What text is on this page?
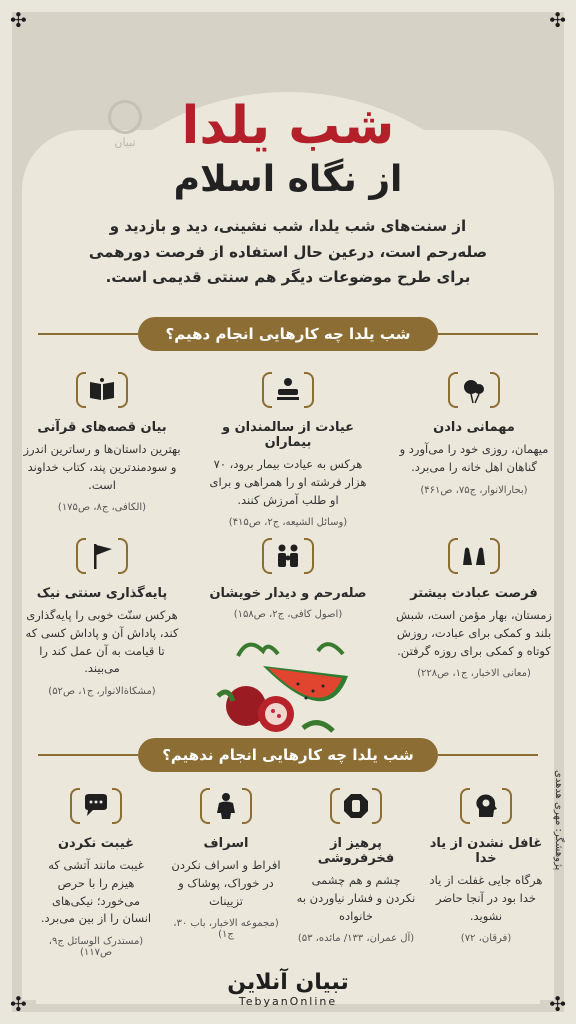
✣	✣
✣	✣
تبیان شب یلدا
از نگاه اسلام

از سنت‌های شب یلدا، شب نشینی، دید و بازدید و صله‌رحم است، درعین حال استفاده از فرصت دورهمی برای طرح موضوعات دیگر هم سنتی قدیمی است.

شب یلدا چه کارهایی انجام دهیم؟
مهمانی دادن
میهمان، روزی خود را می‌آورد و گناهان اهل خانه را می‌برد.
(بحارالانوار، ج۷۵، ص۴۶۱)
عیادت از سالمندان و بیماران
هرکس به عیادت بیمار برود، ۷۰ هزار فرشته او را همراهی و برای او طلب آمرزش کنند.
(وسائل الشیعه، ج۲، ص۴۱۵)
بیان قصه‌های قرآنی
بهترین داستان‌ها و رساترین اندرز و سودمندترین پند، کتاب خداوند است.
(الکافی، ج۸، ص۱۷۵)
فرصت عبادت بیشتر
زمستان، بهار مؤمن است، شبش بلند و کمکی برای عبادت، روزش کوتاه و کمکی برای روزه گرفتن.
(معانی الاخبار، ج۱، ص۲۲۸)
صله‌رحم و دیدار خویشان
(اصول کافی، ج۲، ص۱۵۸)
پایه‌گذاری سنتی نیک
هرکس سنّت خوبی را پایه‌گذاری کند، پاداش آن و پاداش کسی که تا قیامت به آن عمل کند را می‌بیند.
(مشکاة‌الانوار، ج۱، ص۵۲)
شب یلدا چه کارهایی انجام ندهیم؟
غافل نشدن از یاد خدا
هرگاه جایی غفلت از یاد خدا بود در آنجا حاضر نشوید.
(فرقان، ۷۲)
پرهیز از فخرفروشی
چشم و هم چشمی نکردن و فشار نیاوردن به خانواده
(آل عمران، ۱۳۳/ مائده، ۵۳)
اسراف
افراط و اسراف نکردن در خوراک، پوشاک و تزیینات
(مجموعه الاخبار، باب ۳۰، ج۱)
غیبت نکردن
غیبت مانند آتشی که هیزم را با حرص می‌خورد؛ نیکی‌های انسان را از بین می‌برد.
(مستدرک الوسائل ج۹، ص۱۱۷)
پژوهشگر: مهری هدهدی
تبیان آنلاین
TebyanOnline
